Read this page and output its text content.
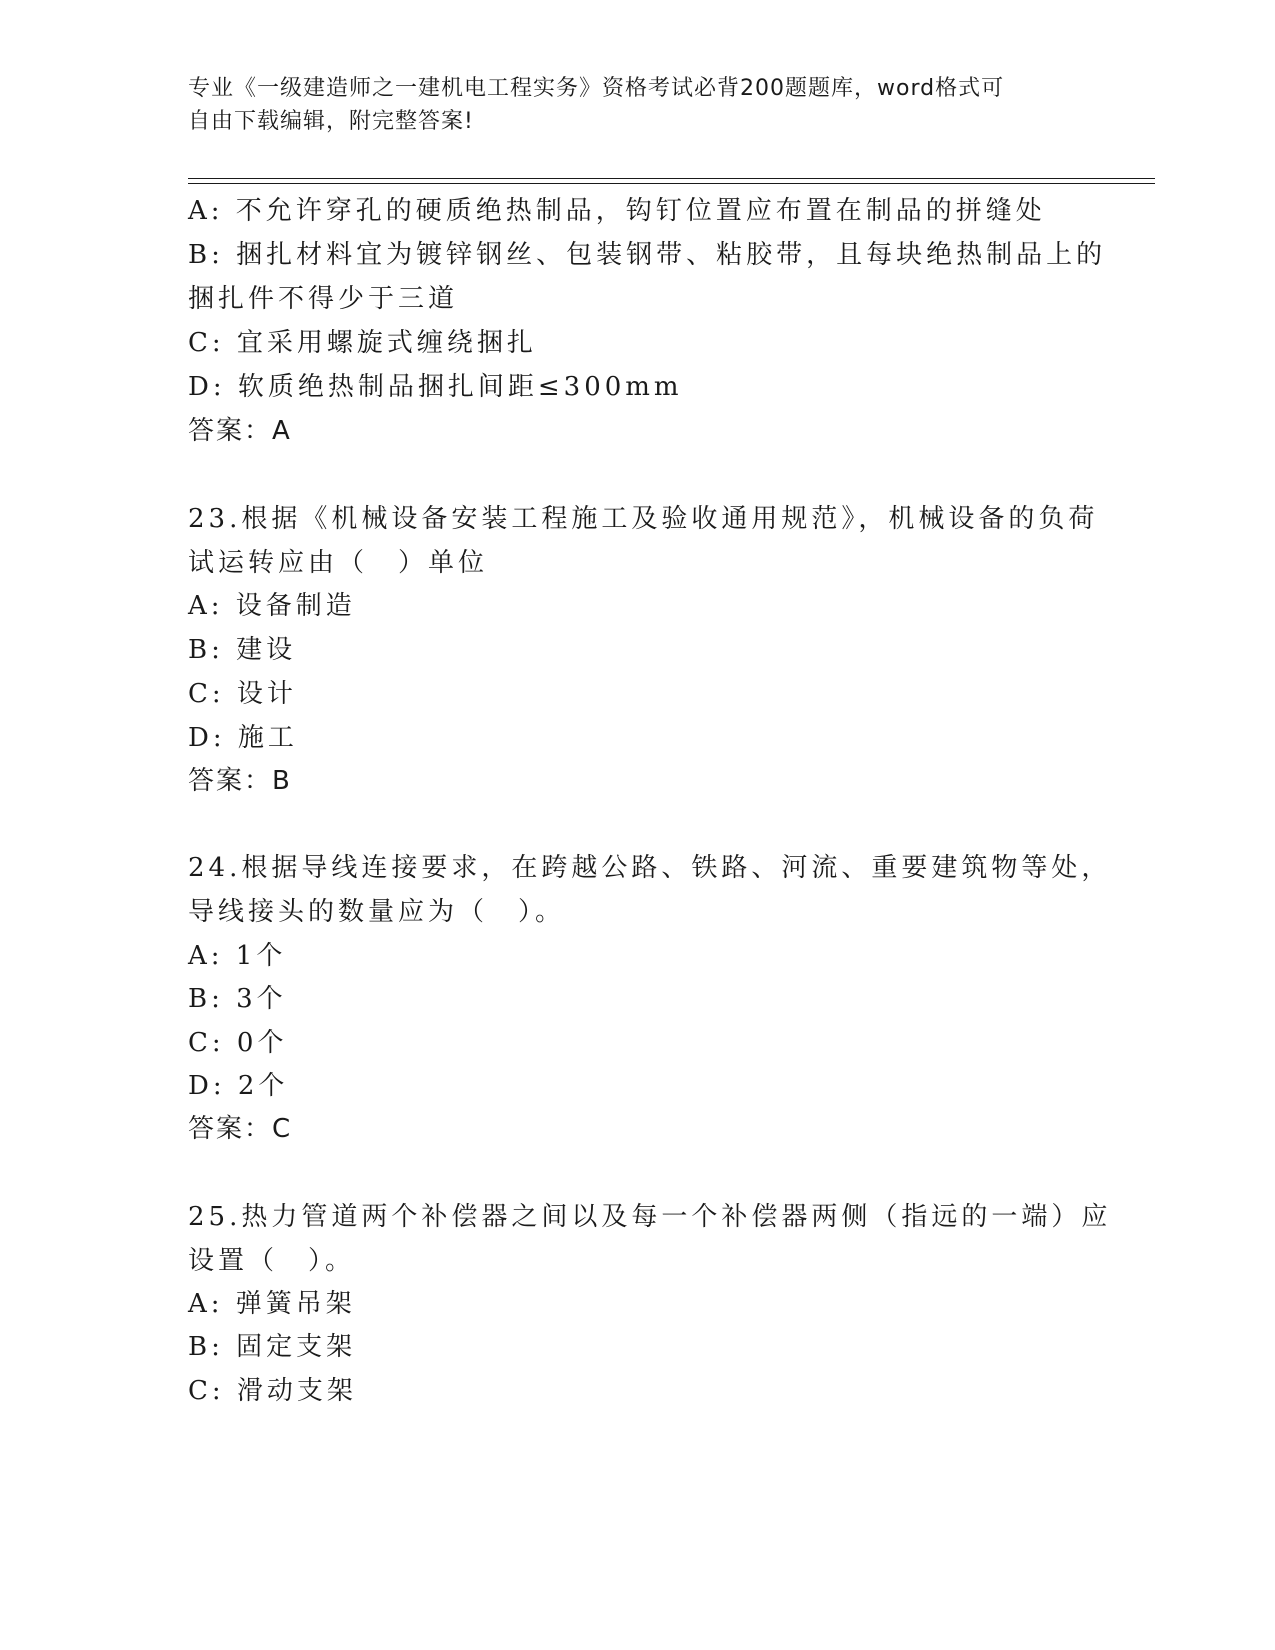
专业《一级建造师之一建机电工程实务》资格考试必背200题题库，word格式可
自由下载编辑，附完整答案!
A: 不允许穿孔的硬质绝热制品，钩钉位置应布置在制品的拼缝处
B: 捆扎材料宜为镀锌钢丝、包装钢带、粘胶带，且每块绝热制品上的
捆扎件不得少于三道
C: 宜采用螺旋式缠绕捆扎
D: 软质绝热制品捆扎间距≤300mm
答案：A
23.根据《机械设备安装工程施工及验收通用规范》，机械设备的负荷
试运转应由（　）单位
A: 设备制造
B: 建设
C: 设计
D: 施工
答案：B
24.根据导线连接要求，在跨越公路、铁路、河流、重要建筑物等处，
导线接头的数量应为（　）。
A: 1个
B: 3个
C: 0个
D: 2个
答案：C
25.热力管道两个补偿器之间以及每一个补偿器两侧（指远的一端）应
设置（　）。
A: 弹簧吊架
B: 固定支架
C: 滑动支架
